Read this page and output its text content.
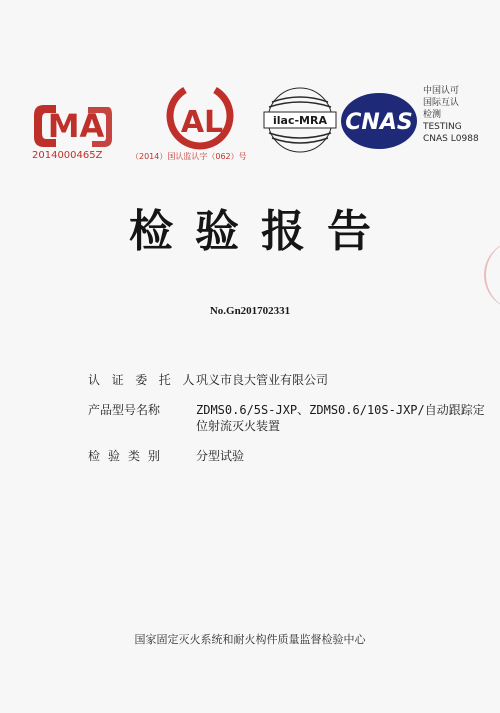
MA
2014000465Z
AL
（2014）国认监认字（062）号
ilac-MRA CNAS
中国认可
国际互认
检测
TESTING
CNAS L0988
检验报告
No.Gn201702331
认证委托人
巩义市良大管业有限公司
产品型号名称	ZDMS0.6/5S-JXP、ZDMS0.6/10S-JXP/自动跟踪定位射流灭火装置
检验类别	分型试验
国家固定灭火系统和耐火构件质量监督检验中心
